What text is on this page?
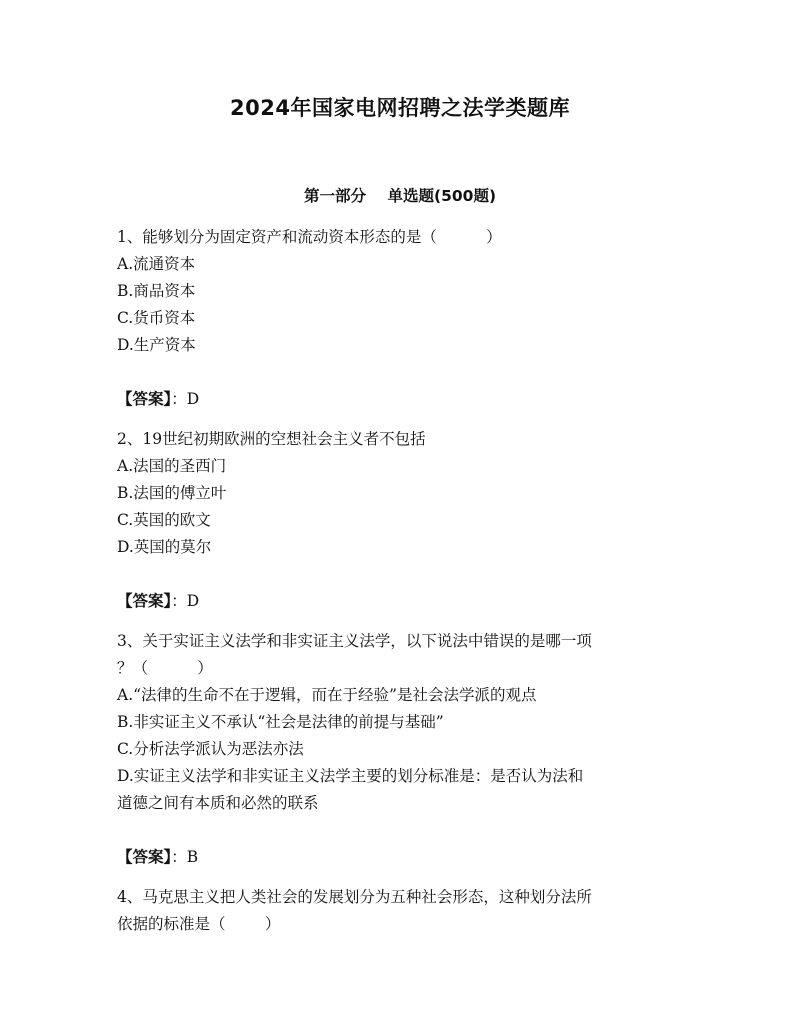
2024年国家电网招聘之法学类题库
第一部分    单选题(500题)

1、能够划分为固定资产和流动资本形态的是（          ）

A.流通资本

B.商品资本

C.货币资本

D.生产资本

【答案】：D

2、19世纪初期欧洲的空想社会主义者不包括

A.法国的圣西门

B.法国的傅立叶

C.英国的欧文

D.英国的莫尔

【答案】：D

3、关于实证主义法学和非实证主义法学，以下说法中错误的是哪一项

？（          ）

A.“法律的生命不在于逻辑，而在于经验”是社会法学派的观点

B.非实证主义不承认“社会是法律的前提与基础”

C.分析法学派认为恶法亦法

D.实证主义法学和非实证主义法学主要的划分标准是：是否认为法和

道德之间有本质和必然的联系

【答案】：B

4、马克思主义把人类社会的发展划分为五种社会形态，这种划分法所

依据的标准是（        ）
